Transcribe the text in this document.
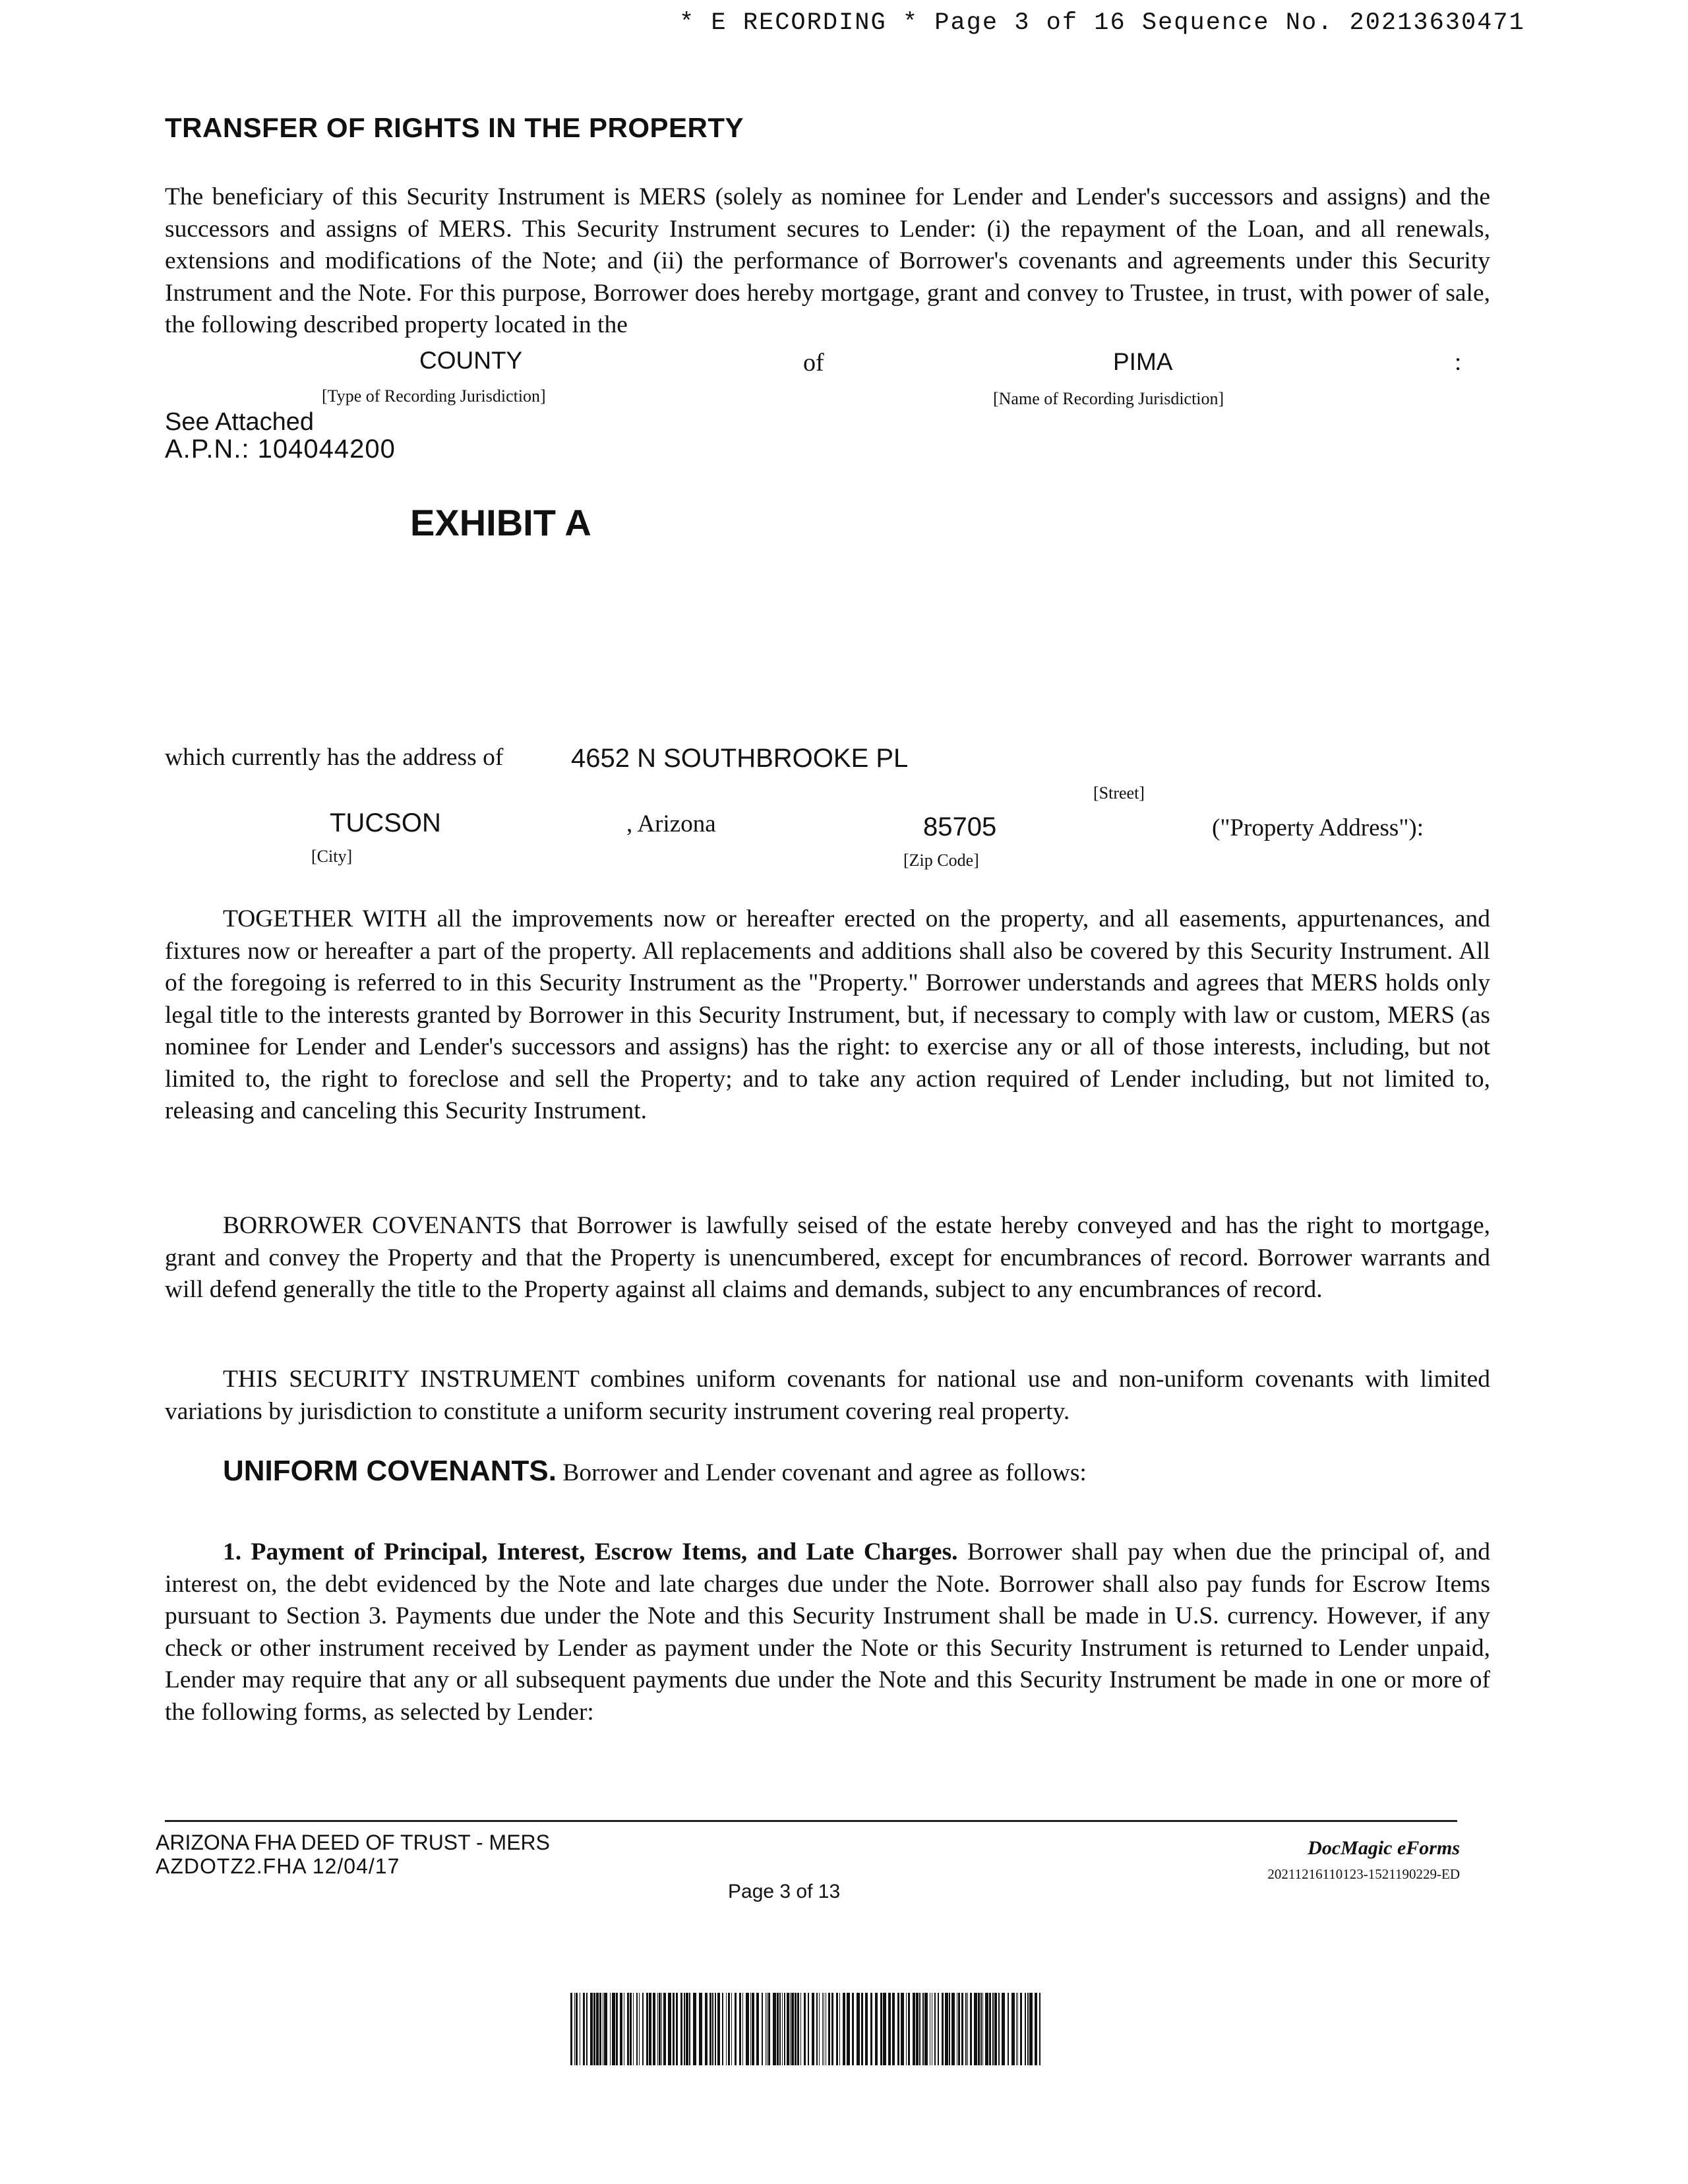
* E RECORDING * Page 3 of 16 Sequence No. 20213630471
TRANSFER OF RIGHTS IN THE PROPERTY
The beneficiary of this Security Instrument is MERS (solely as nominee for Lender and Lender's successors and assigns) and the successors and assigns of MERS. This Security Instrument secures to Lender: (i) the repayment of the Loan, and all renewals, extensions and modifications of the Note; and (ii) the performance of Borrower's covenants and agreements under this Security Instrument and the Note. For this purpose, Borrower does hereby mortgage, grant and convey to Trustee, in trust, with power of sale, the following described property located in the
COUNTY	of	PIMA	:
[Type of Recording Jurisdiction]	[Name of Recording Jurisdiction]
See Attached
A.P.N.: 104044200
EXHIBIT A
which currently has the address of	4652 N SOUTHBROOKE PL
[Street]
TUCSON	, Arizona	85705	("Property Address"):
[City]	[Zip Code]
TOGETHER WITH all the improvements now or hereafter erected on the property, and all easements, appurtenances, and fixtures now or hereafter a part of the property. All replacements and additions shall also be covered by this Security Instrument. All of the foregoing is referred to in this Security Instrument as the "Property." Borrower understands and agrees that MERS holds only legal title to the interests granted by Borrower in this Security Instrument, but, if necessary to comply with law or custom, MERS (as nominee for Lender and Lender's successors and assigns) has the right: to exercise any or all of those interests, including, but not limited to, the right to foreclose and sell the Property; and to take any action required of Lender including, but not limited to, releasing and canceling this Security Instrument.
BORROWER COVENANTS that Borrower is lawfully seised of the estate hereby conveyed and has the right to mortgage, grant and convey the Property and that the Property is unencumbered, except for encumbrances of record. Borrower warrants and will defend generally the title to the Property against all claims and demands, subject to any encumbrances of record.
THIS SECURITY INSTRUMENT combines uniform covenants for national use and non-uniform covenants with limited variations by jurisdiction to constitute a uniform security instrument covering real property.
UNIFORM COVENANTS. Borrower and Lender covenant and agree as follows:
1. Payment of Principal, Interest, Escrow Items, and Late Charges. Borrower shall pay when due the principal of, and interest on, the debt evidenced by the Note and late charges due under the Note. Borrower shall also pay funds for Escrow Items pursuant to Section 3. Payments due under the Note and this Security Instrument shall be made in U.S. currency. However, if any check or other instrument received by Lender as payment under the Note or this Security Instrument is returned to Lender unpaid, Lender may require that any or all subsequent payments due under the Note and this Security Instrument be made in one or more of the following forms, as selected by Lender:
ARIZONA FHA DEED OF TRUST - MERS
AZDOTZ2.FHA 12/04/17
Page 3 of 13
DocMagic eForms
20211216110123-1521190229-ED
